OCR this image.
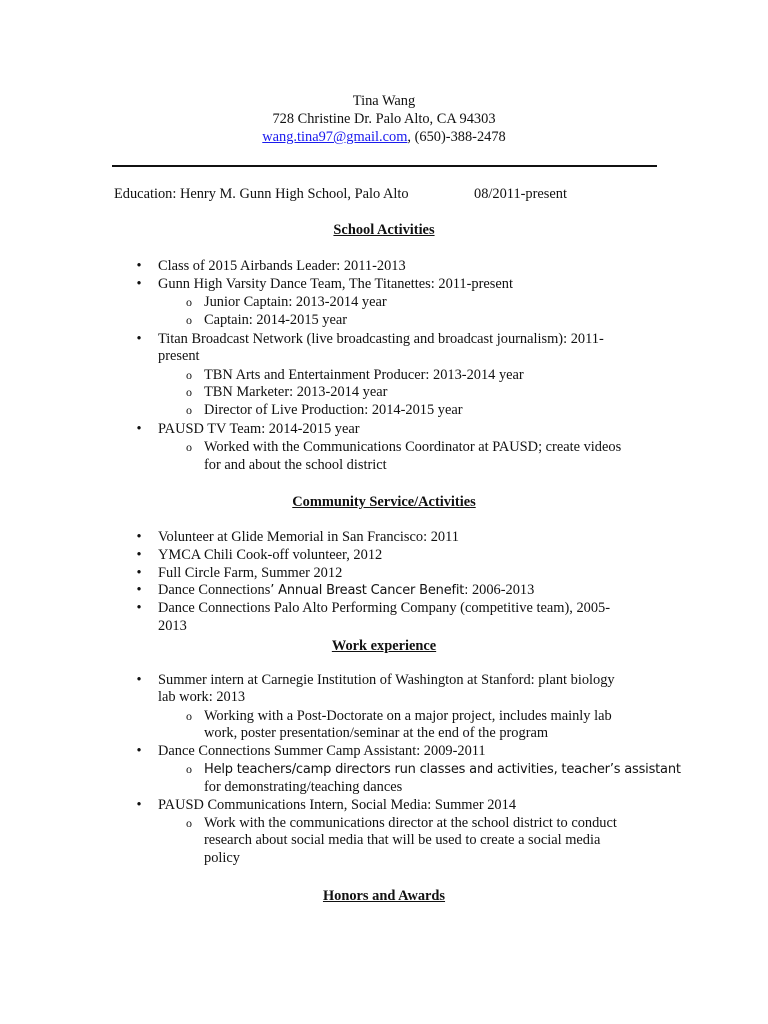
Tina Wang
728 Christine Dr. Palo Alto, CA 94303
wang.tina97@gmail.com, (650)-388-2478
Education: Henry M. Gunn High School, Palo Alto	08/2011-present
School Activities
• Class of 2015 Airbands Leader: 2011-2013
• Gunn High Varsity Dance Team, The Titanettes: 2011-present
o Junior Captain: 2013-2014 year
o Captain: 2014-2015 year
• Titan Broadcast Network (live broadcasting and broadcast journalism): 2011-
present
o TBN Arts and Entertainment Producer: 2013-2014 year
o TBN Marketer: 2013-2014 year
o Director of Live Production: 2014-2015 year
• PAUSD TV Team: 2014-2015 year
o Worked with the Communications Coordinator at PAUSD; create videos
for and about the school district
Community Service/Activities
• Volunteer at Glide Memorial in San Francisco: 2011
• YMCA Chili Cook-off volunteer, 2012
• Full Circle Farm, Summer 2012
• Dance Connections’ Annual Breast Cancer Benefit: 2006-2013
• Dance Connections Palo Alto Performing Company (competitive team), 2005-
2013
Work experience
• Summer intern at Carnegie Institution of Washington at Stanford: plant biology
lab work: 2013
o Working with a Post-Doctorate on a major project, includes mainly lab
work, poster presentation/seminar at the end of the program
• Dance Connections Summer Camp Assistant: 2009-2011
o Help teachers/camp directors run classes and activities, teacher’s assistant
for demonstrating/teaching dances
• PAUSD Communications Intern, Social Media: Summer 2014
o Work with the communications director at the school district to conduct
research about social media that will be used to create a social media
policy
Honors and Awards
